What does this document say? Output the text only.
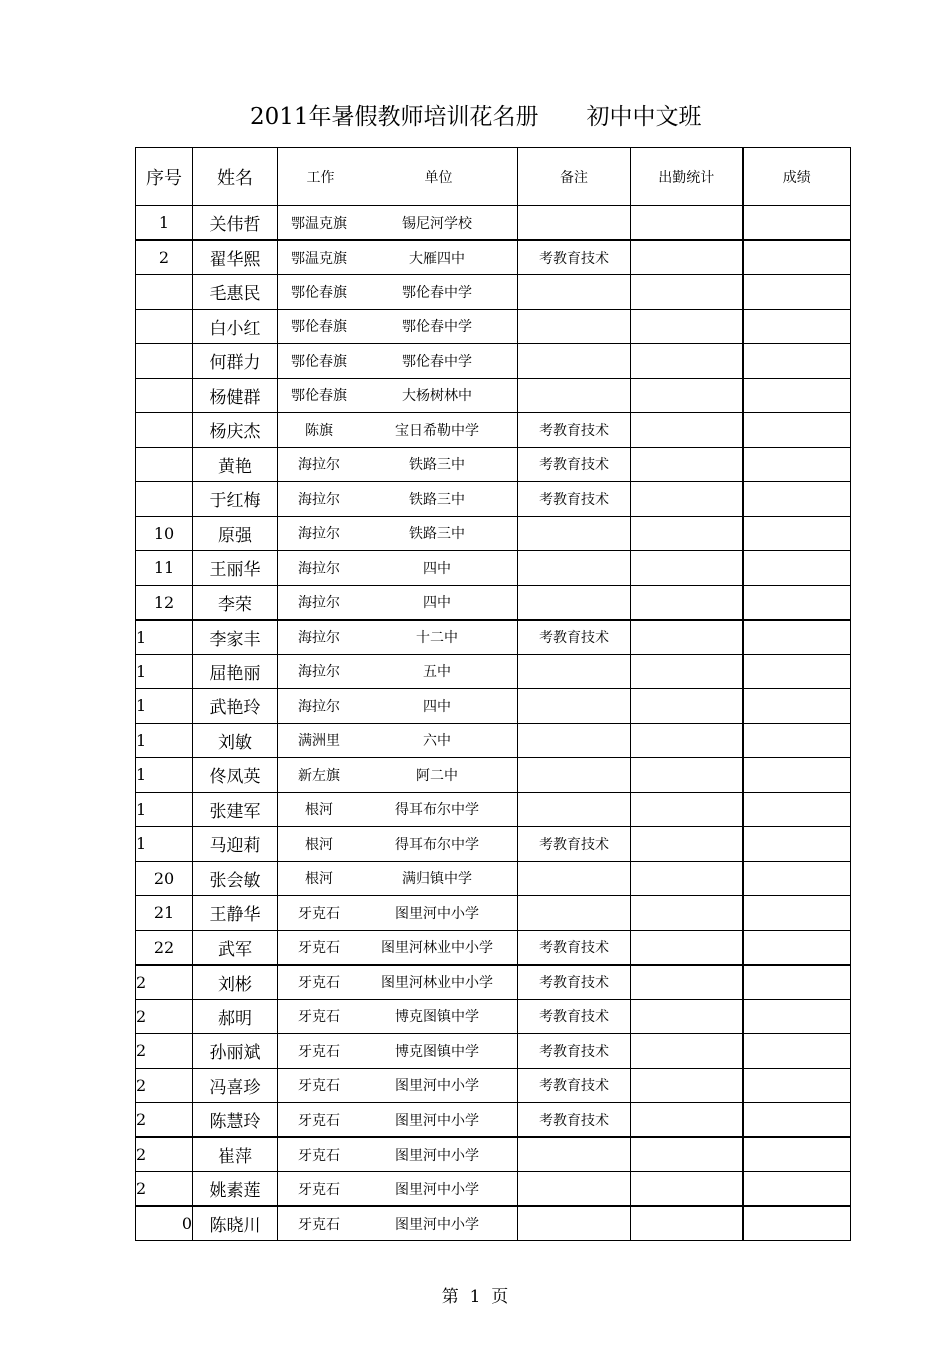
2011年暑假教师培训花名册 初中中文班
序号	姓名	工作 单位	备注	出勤统计	成绩
1	关伟哲	鄂温克旗 锡尼河学校			
2	翟华熙	鄂温克旗 大雁四中	考教育技术		
	毛惠民	鄂伦春旗 鄂伦春中学			
	白小红	鄂伦春旗 鄂伦春中学			
	何群力	鄂伦春旗 鄂伦春中学			
	杨健群	鄂伦春旗 大杨树林中			
	杨庆杰	陈旗 宝日希勒中学	考教育技术		
	黄艳	海拉尔 铁路三中	考教育技术		
	于红梅	海拉尔 铁路三中	考教育技术		
10	原强	海拉尔 铁路三中			
11	王丽华	海拉尔 四中			
12	李荣	海拉尔 四中			
1	李家丰	海拉尔 十二中	考教育技术		
1	屈艳丽	海拉尔 五中			
1	武艳玲	海拉尔 四中			
1	刘敏	满洲里 六中			
1	佟凤英	新左旗 阿二中			
1	张建军	根河 得耳布尔中学			
1	马迎莉	根河 得耳布尔中学	考教育技术		
20	张会敏	根河 满归镇中学			
21	王静华	牙克石 图里河中小学			
22	武军	牙克石 图里河林业中小学	考教育技术		
2	刘彬	牙克石 图里河林业中小学	考教育技术		
2	郝明	牙克石 博克图镇中学	考教育技术		
2	孙丽斌	牙克石 博克图镇中学	考教育技术		
2	冯喜珍	牙克石 图里河中小学	考教育技术		
2	陈慧玲	牙克石 图里河中小学	考教育技术		
2	崔萍	牙克石 图里河中小学			
2	姚素莲	牙克石 图里河中小学			
0	陈晓川	牙克石 图里河中小学			
第 1 页
